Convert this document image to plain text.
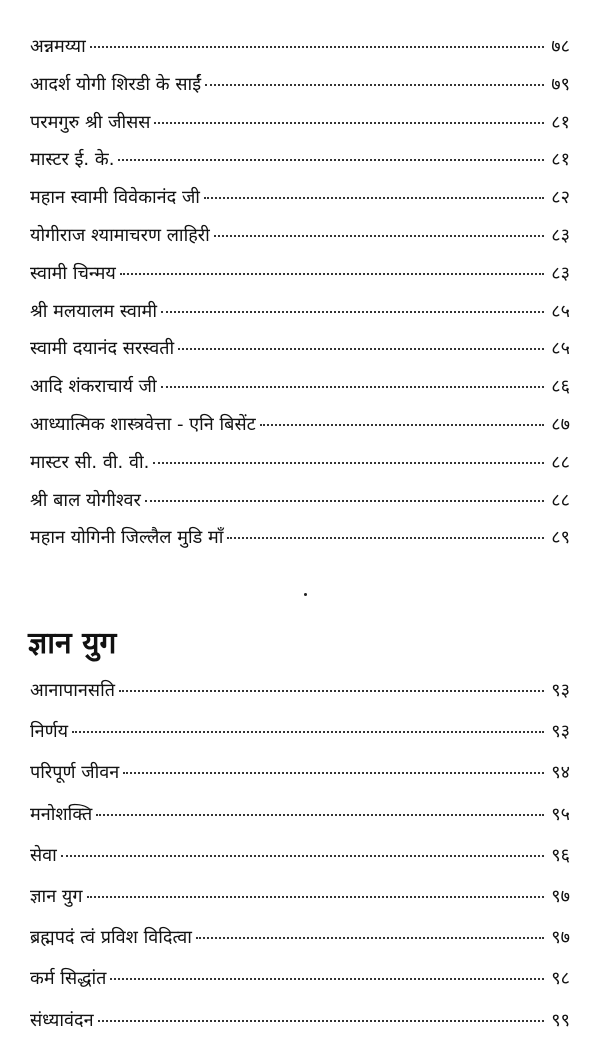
अन्नमय्या	७८
आदर्श योगी शिरडी के साईं	७९
परमगुरु श्री जीसस	८१
मास्टर ई. के.	८१
महान स्वामी विवेकानंद जी	८२
योगीराज श्यामाचरण लाहिरी	८३
स्वामी चिन्मय	८३
श्री मलयालम स्वामी	८५
स्वामी दयानंद सरस्वती	८५
आदि शंकराचार्य जी	८६
आध्यात्मिक शास्त्रवेत्ता - एनि बिसेंट	८७
मास्टर सी. वी. वी.	८८
श्री बाल योगीश्वर	८८
महान योगिनी जिल्लैल मुडि माँ	८९
ज्ञान युग
आनापानसति	९३
निर्णय	९३
परिपूर्ण जीवन	९४
मनोशक्ति	९५
सेवा	९६
ज्ञान युग	९७
ब्रह्मपदं त्वं प्रविश विदित्वा	९७
कर्म सिद्धांत	९८
संध्यावंदन	९९
